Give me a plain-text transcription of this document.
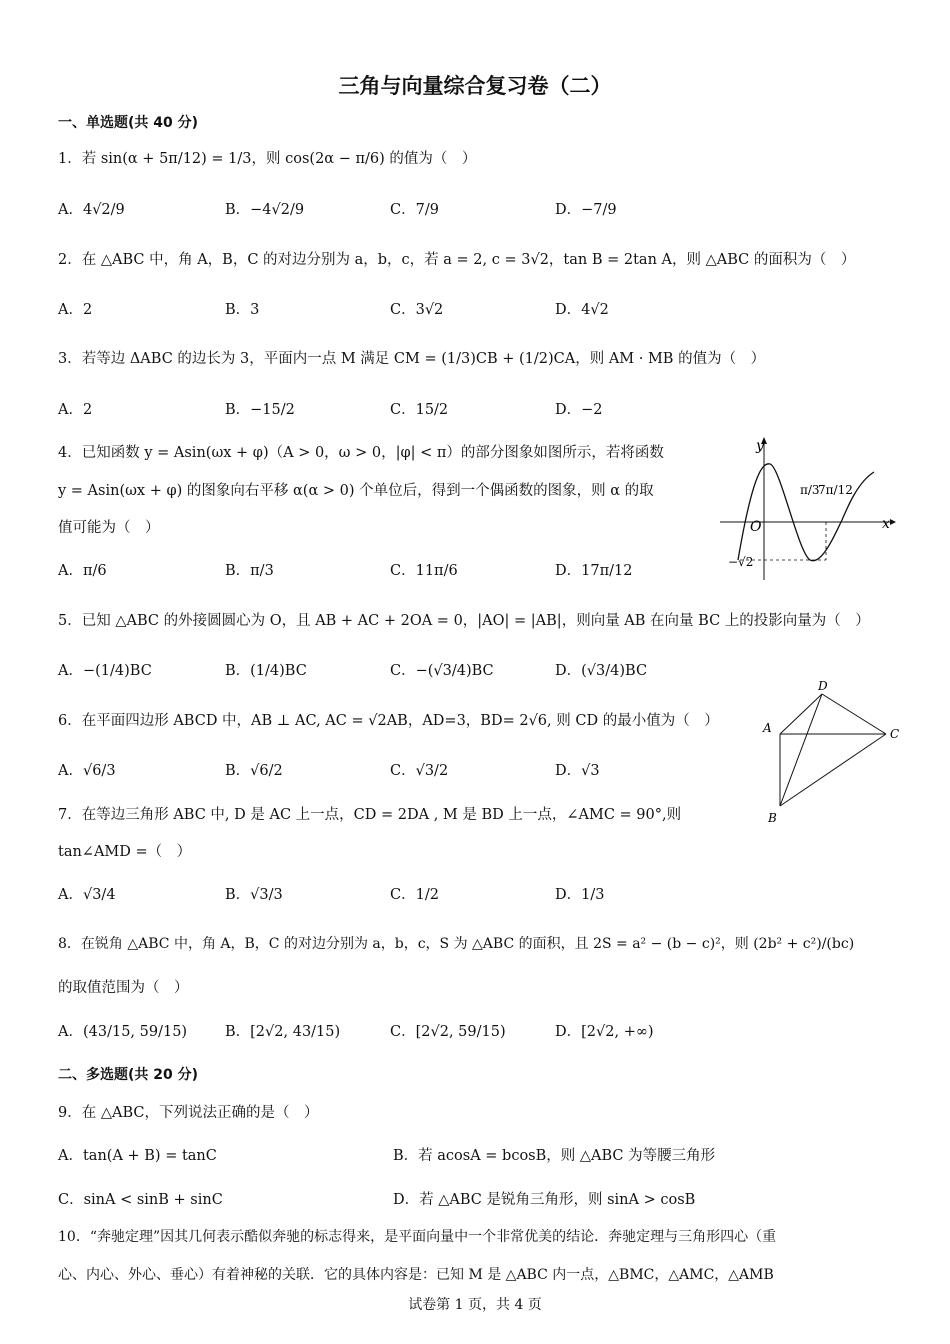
三角与向量综合复习卷（二）
一、单选题(共 40 分)
1．若 sin(α + 5π/12) = 1/3，则 cos(2α − π/6) 的值为（　）
A．4√2/9	B．−4√2/9	C．7/9	D．−7/9
2．在 △ABC 中，角 A，B，C 的对边分别为 a，b，c，若 a = 2, c = 3√2，tan B = 2tan A，则 △ABC 的面积为（　）
A．2	B．3	C．3√2	D．4√2
3．若等边 ΔABC 的边长为 3，平面内一点 M 满足 CM = (1/3)CB + (1/2)CA，则 AM · MB 的值为（　）
A．2	B．−15/2	C．15/2	D．−2
4．已知函数 y = Asin(ωx + φ)（A > 0，ω > 0，|φ| < π）的部分图象如图所示，若将函数
y = Asin(ωx + φ) 的图象向右平移 α(α > 0) 个单位后，得到一个偶函数的图象，则 α 的取
值可能为（　）
A．π/6	B．π/3	C．11π/6	D．17π/12
y
x
O
π/3
7π/12
−√2
5．已知 △ABC 的外接圆圆心为 O，且 AB + AC + 2OA = 0，|AO| = |AB|，则向量 AB 在向量 BC 上的投影向量为（　）
A．−(1/4)BC	B．(1/4)BC	C．−(√3/4)BC	D．(√3/4)BC
A
B
C
D
6．在平面四边形 ABCD 中，AB ⊥ AC, AC = √2AB，AD=3，BD= 2√6, 则 CD 的最小值为（　）
A．√6/3	B．√6/2	C．√3/2	D．√3
7．在等边三角形 ABC 中, D 是 AC 上一点，CD = 2DA , M 是 BD 上一点，∠AMC = 90°,则
tan∠AMD =（　）
A．√3/4	B．√3/3	C．1/2	D．1/3
8．在锐角 △ABC 中，角 A，B，C 的对边分别为 a，b，c，S 为 △ABC 的面积，且 2S = a² − (b − c)²，则 (2b² + c²)/(bc)
的取值范围为（　）
A．(43/15, 59/15)	B．[2√2, 43/15)	C．[2√2, 59/15)	D．[2√2, +∞)
二、多选题(共 20 分)
9．在 △ABC，下列说法正确的是（　）
A．tan(A + B) = tanC	B．若 acosA = bcosB，则 △ABC 为等腰三角形
C．sinA < sinB + sinC	D．若 △ABC 是锐角三角形，则 sinA > cosB
10．“奔驰定理”因其几何表示酷似奔驰的标志得来，是平面向量中一个非常优美的结论．奔驰定理与三角形四心（重
心、内心、外心、垂心）有着神秘的关联．它的具体内容是：已知 M 是 △ABC 内一点，△BMC，△AMC，△AMB
试卷第 1 页，共 4 页
